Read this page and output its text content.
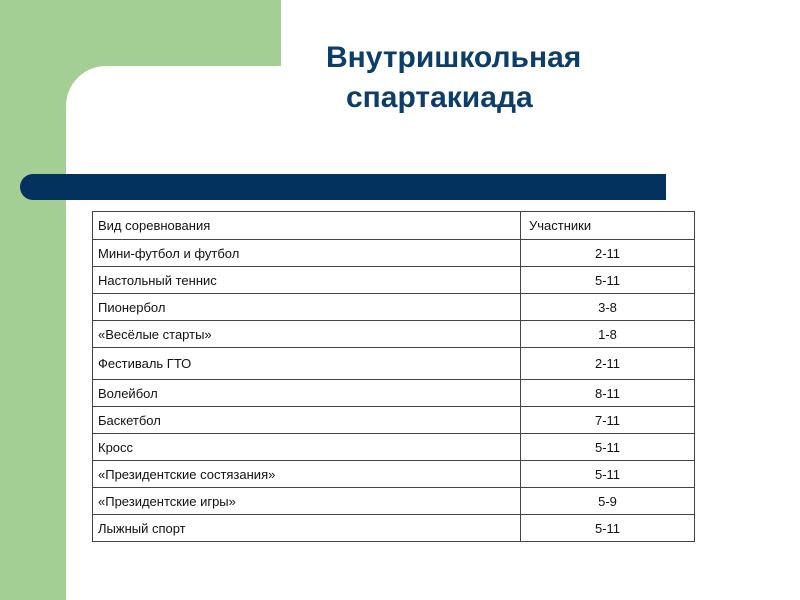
Внутришкольная
спартакиада
Вид соревнования	Участники
Мини-футбол и футбол	2-11
Настольный теннис	5-11
Пионербол	3-8
«Весёлые старты»	1-8
Фестиваль ГТО	2-11
Волейбол	8-11
Баскетбол	7-11
Кросс	5-11
«Президентские состязания»	5-11
«Президентские игры»	5-9
Лыжный спорт	5-11
